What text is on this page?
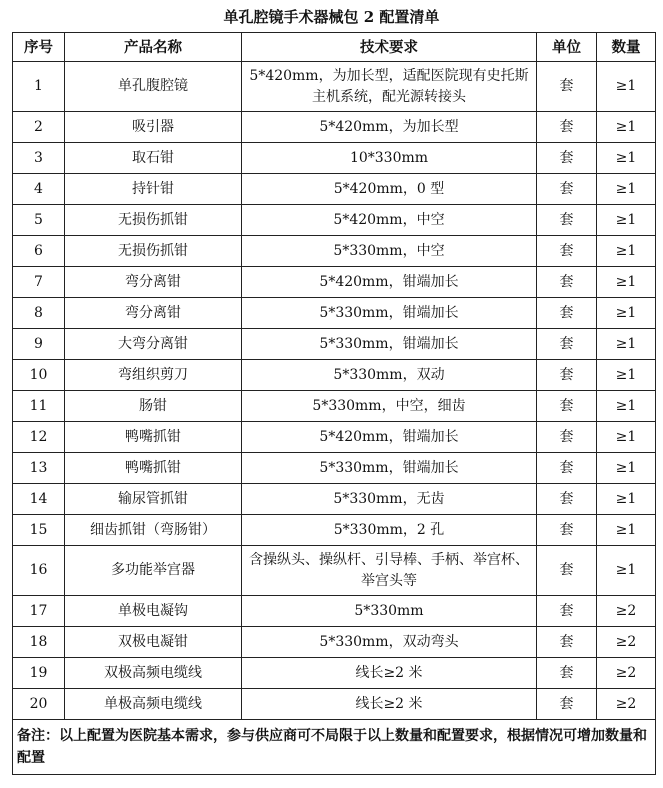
单孔腔镜手术器械包 2 配置清单
序号	产品名称	技术要求	单位	数量
1	单孔腹腔镜	5*420mm，为加长型，适配医院现有史托斯主机系统，配光源转接头	套	≥1
2	吸引器	5*420mm，为加长型	套	≥1
3	取石钳	10*330mm	套	≥1
4	持针钳	5*420mm，0 型	套	≥1
5	无损伤抓钳	5*420mm，中空	套	≥1
6	无损伤抓钳	5*330mm，中空	套	≥1
7	弯分离钳	5*420mm，钳端加长	套	≥1
8	弯分离钳	5*330mm，钳端加长	套	≥1
9	大弯分离钳	5*330mm，钳端加长	套	≥1
10	弯组织剪刀	5*330mm，双动	套	≥1
11	肠钳	5*330mm，中空，细齿	套	≥1
12	鸭嘴抓钳	5*420mm，钳端加长	套	≥1
13	鸭嘴抓钳	5*330mm，钳端加长	套	≥1
14	输尿管抓钳	5*330mm，无齿	套	≥1
15	细齿抓钳（弯肠钳）	5*330mm，2 孔	套	≥1
16	多功能举宫器	含操纵头、操纵杆、引导棒、手柄、举宫杯、举宫头等	套	≥1
17	单极电凝钩	5*330mm	套	≥2
18	双极电凝钳	5*330mm，双动弯头	套	≥2
19	双极高频电缆线	线长≥2 米	套	≥2
20	单极高频电缆线	线长≥2 米	套	≥2
备注：以上配置为医院基本需求，参与供应商可不局限于以上数量和配置要求，根据情况可增加数量和配置				
